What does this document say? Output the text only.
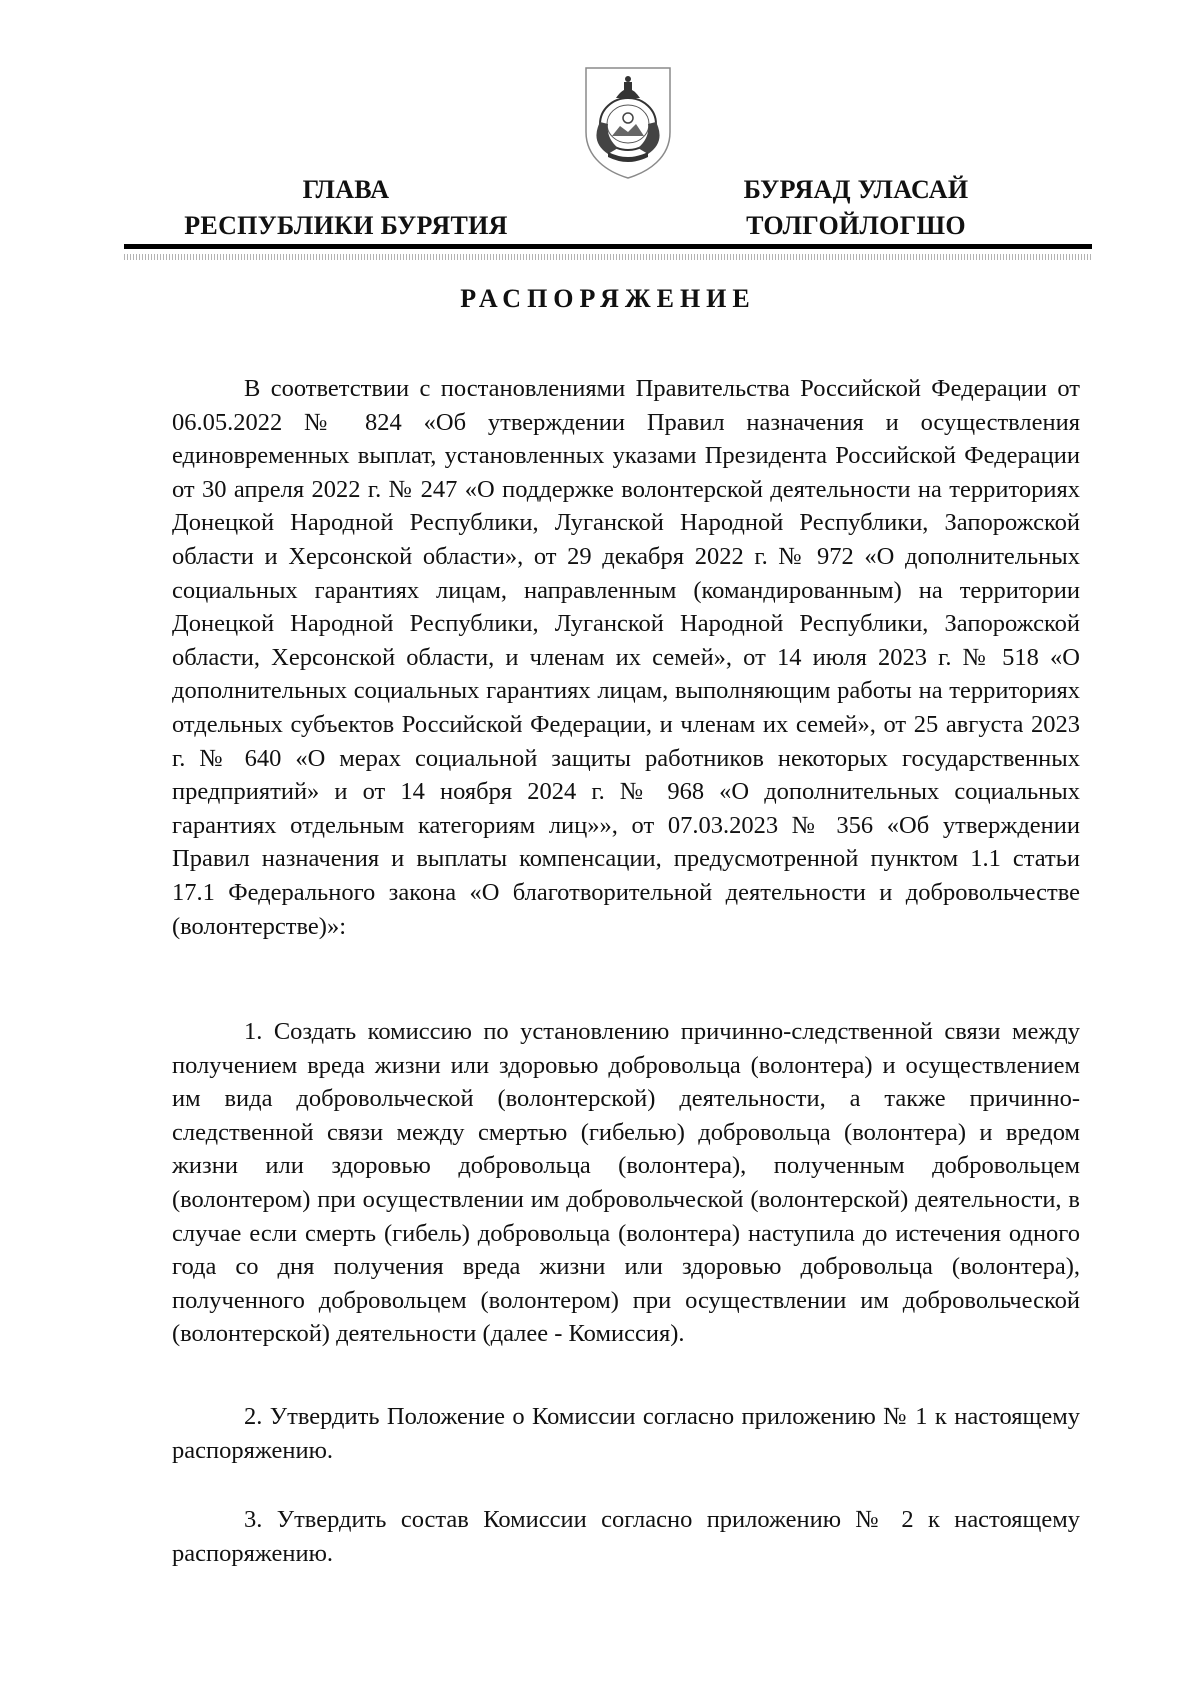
ГЛАВА
РЕСПУБЛИКИ БУРЯТИЯ
БУРЯАД УЛАСАЙ
ТОЛГОЙЛОГШО
РАСПОРЯЖЕНИЕ

В соответствии с постановлениями Правительства Российской Федерации от 06.05.2022 № 824 «Об утверждении Правил назначения и осуществления единовременных выплат, установленных указами Президента Российской Федерации от 30 апреля 2022 г. № 247 «О поддержке волонтерской деятельности на территориях Донецкой Народной Республики, Луганской Народной Республики, Запорожской области и Херсонской области», от 29 декабря 2022 г. № 972 «О дополнительных социальных гарантиях лицам, направленным (командированным) на территории Донецкой Народной Республики, Луганской Народной Республики, Запорожской области, Херсонской области, и членам их семей», от 14 июля 2023 г. № 518 «О дополнительных социальных гарантиях лицам, выполняющим работы на территориях отдельных субъектов Российской Федерации, и членам их семей», от 25 августа 2023 г. № 640 «О мерах социальной защиты работников некоторых государственных предприятий» и от 14 ноября 2024 г. № 968 «О дополнительных социальных гарантиях отдельным категориям лиц»», от 07.03.2023 № 356 «Об утверждении Правил назначения и выплаты компенсации, предусмотренной пунктом 1.1 статьи 17.1 Федерального закона «О благотворительной деятельности и добровольчестве (волонтерстве)»:

1. Создать комиссию по установлению причинно-следственной связи между получением вреда жизни или здоровью добровольца (волонтера) и осуществлением им вида добровольческой (волонтерской) деятельности, а также причинно-следственной связи между смертью (гибелью) добровольца (волонтера) и вредом жизни или здоровью добровольца (волонтера), полученным добровольцем (волонтером) при осуществлении им добровольческой (волонтерской) деятельности, в случае если смерть (гибель) добровольца (волонтера) наступила до истечения одного года со дня получения вреда жизни или здоровью добровольца (волонтера), полученного добровольцем (волонтером) при осуществлении им добровольческой (волонтерской) деятельности (далее - Комиссия).

2. Утвердить Положение о Комиссии согласно приложению № 1 к настоящему распоряжению.

3. Утвердить состав Комиссии согласно приложению № 2 к настоящему распоряжению.
